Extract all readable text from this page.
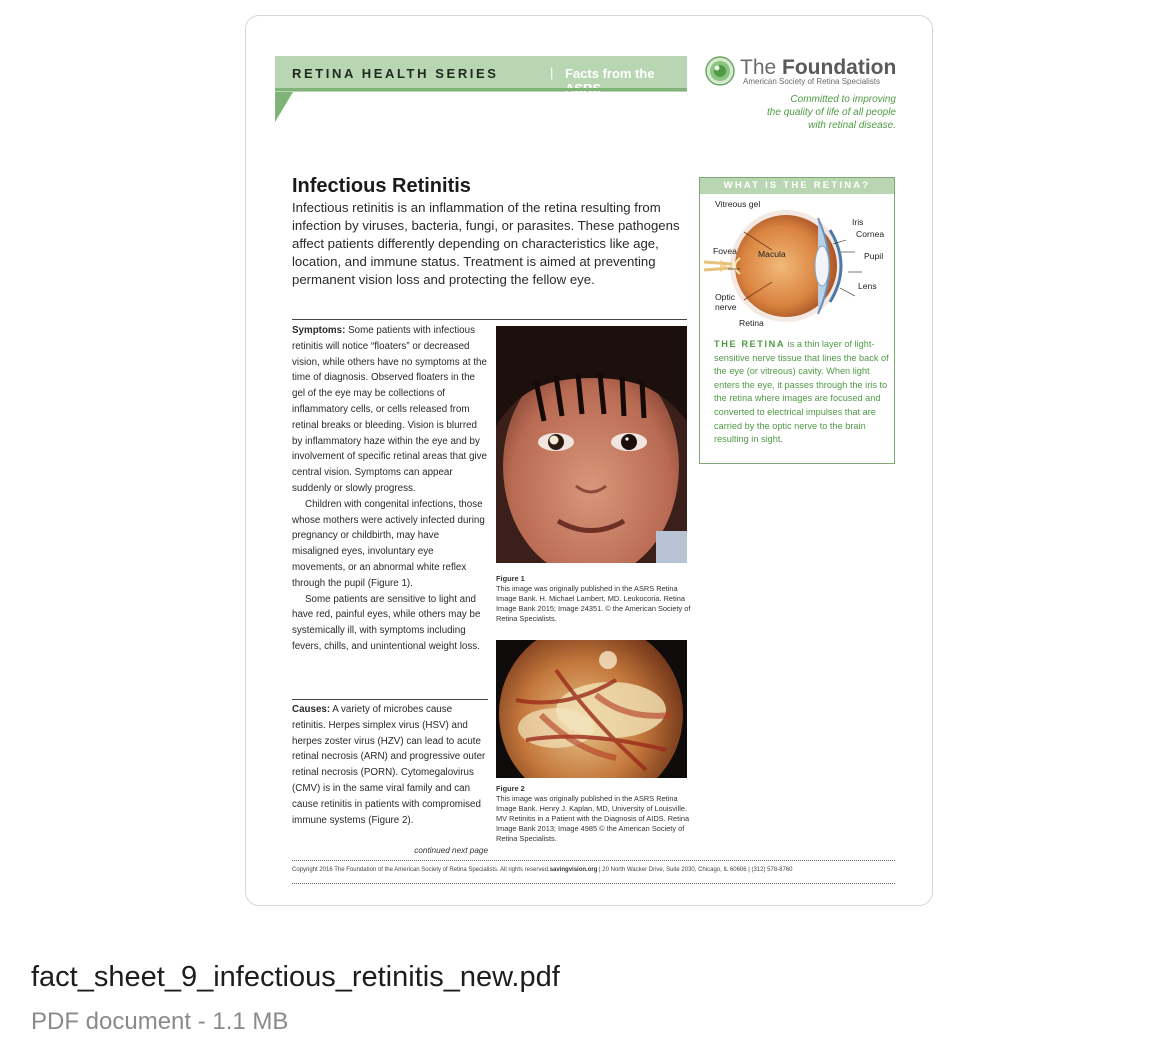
RETINA HEALTH SERIES	| Facts from the	The Foundation
American Society of Retina Specialists
Committed to improving
the quality of life of all people
with retinal disease.
Infectious Retinitis
Infectious retinitis is an inflammation of the retina resulting from infection by viruses, bacteria, fungi, or parasites. These pathogens affect patients differently depending on characteristics like age, location, and immune status. Treatment is aimed at preventing permanent vision loss and protecting the fellow eye.

Symptoms: Some patients with infectious retinitis will notice “floaters” or decreased vision, while others have no symptoms at the time of diagnosis. Observed floaters in the gel of the eye may be collections of inflammatory cells, or cells released from retinal breaks or bleeding. Vision is blurred by inflammatory haze within the eye and by involvement of specific retinal areas that give central vision. Symptoms can appear suddenly or slowly progress.

Children with congenital infections, those whose mothers were actively infected during pregnancy or childbirth, may have misaligned eyes, involuntary eye movements, or an abnormal white reflex through the pupil (Figure 1).

Some patients are sensitive to light and have red, painful eyes, while others may be systemically ill, with symptoms including fevers, chills, and unintentional weight loss.

Causes: A variety of microbes cause retinitis. Herpes simplex virus (HSV) and herpes zoster virus (HZV) can lead to acute retinal necrosis (ARN) and progressive outer retinal necrosis (PORN). Cytomegalovirus (CMV) is in the same viral family and can cause retinitis in patients with compromised immune systems (Figure 2).

continued next page
Figure 1
This image was originally published in the ASRS Retina Image Bank. H. Michael Lambert, MD. Leukocoria. Retina Image Bank 2015; Image 24351. © the American Society of Retina Specialists.
Figure 2
This image was originally published in the ASRS Retina Image Bank. Henry J. Kaplan, MD, University of Louisville. MV Retinitis in a Patient with the Diagnosis of AIDS. Retina Image Bank 2013; Image 4985 © the American Society of Retina Specialists.
WHAT IS THE RETINA?
Vitreous gel
Iris
Cornea
Fovea Macula	Pupil
Lens
Optic
nerve
Retina
THE RETINA is a thin layer of light-sensitive nerve tissue that lines the back of the eye (or vitreous) cavity. When light enters the eye, it passes through the iris to the retina where images are focused and converted to electrical impulses that are carried by the optic nerve to the brain resulting in sight.
Copyright 2016 The Foundation of the American Society of Retina Specialists. All rights reserved.savingvision.org | 20 North Wacker Drive, Suite 2030, Chicago, IL 60606 | (312) 578-8760
fact_sheet_9_infectious_retinitis_new.pdf
PDF document - 1.1 MB
